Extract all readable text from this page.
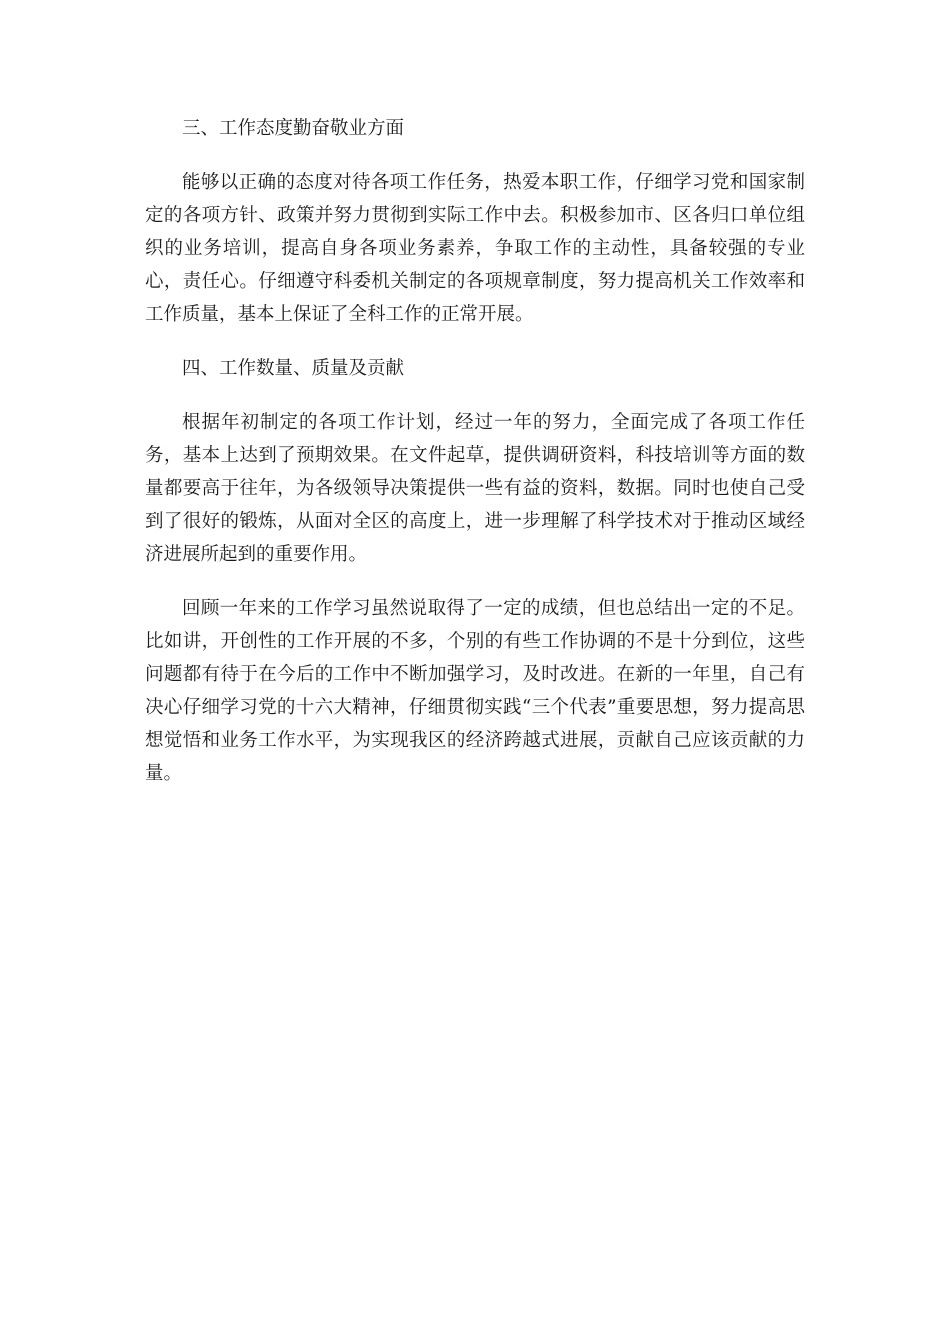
三、工作态度勤奋敬业方面

能够以正确的态度对待各项工作任务，热爱本职工作，仔细学习党和国家制定的各项方针、政策并努力贯彻到实际工作中去。积极参加市、区各归口单位组织的业务培训，提高自身各项业务素养，争取工作的主动性，具备较强的专业心，责任心。仔细遵守科委机关制定的各项规章制度，努力提高机关工作效率和工作质量，基本上保证了全科工作的正常开展。

四、工作数量、质量及贡献

根据年初制定的各项工作计划，经过一年的努力，全面完成了各项工作任务，基本上达到了预期效果。在文件起草，提供调研资料，科技培训等方面的数量都要高于往年，为各级领导决策提供一些有益的资料，数据。同时也使自己受到了很好的锻炼，从面对全区的高度上，进一步理解了科学技术对于推动区域经济进展所起到的重要作用。

回顾一年来的工作学习虽然说取得了一定的成绩，但也总结出一定的不足。比如讲，开创性的工作开展的不多，个别的有些工作协调的不是十分到位，这些问题都有待于在今后的工作中不断加强学习，及时改进。在新的一年里，自己有决心仔细学习党的十六大精神，仔细贯彻实践“三个代表”重要思想，努力提高思想觉悟和业务工作水平，为实现我区的经济跨越式进展，贡献自己应该贡献的力量。
